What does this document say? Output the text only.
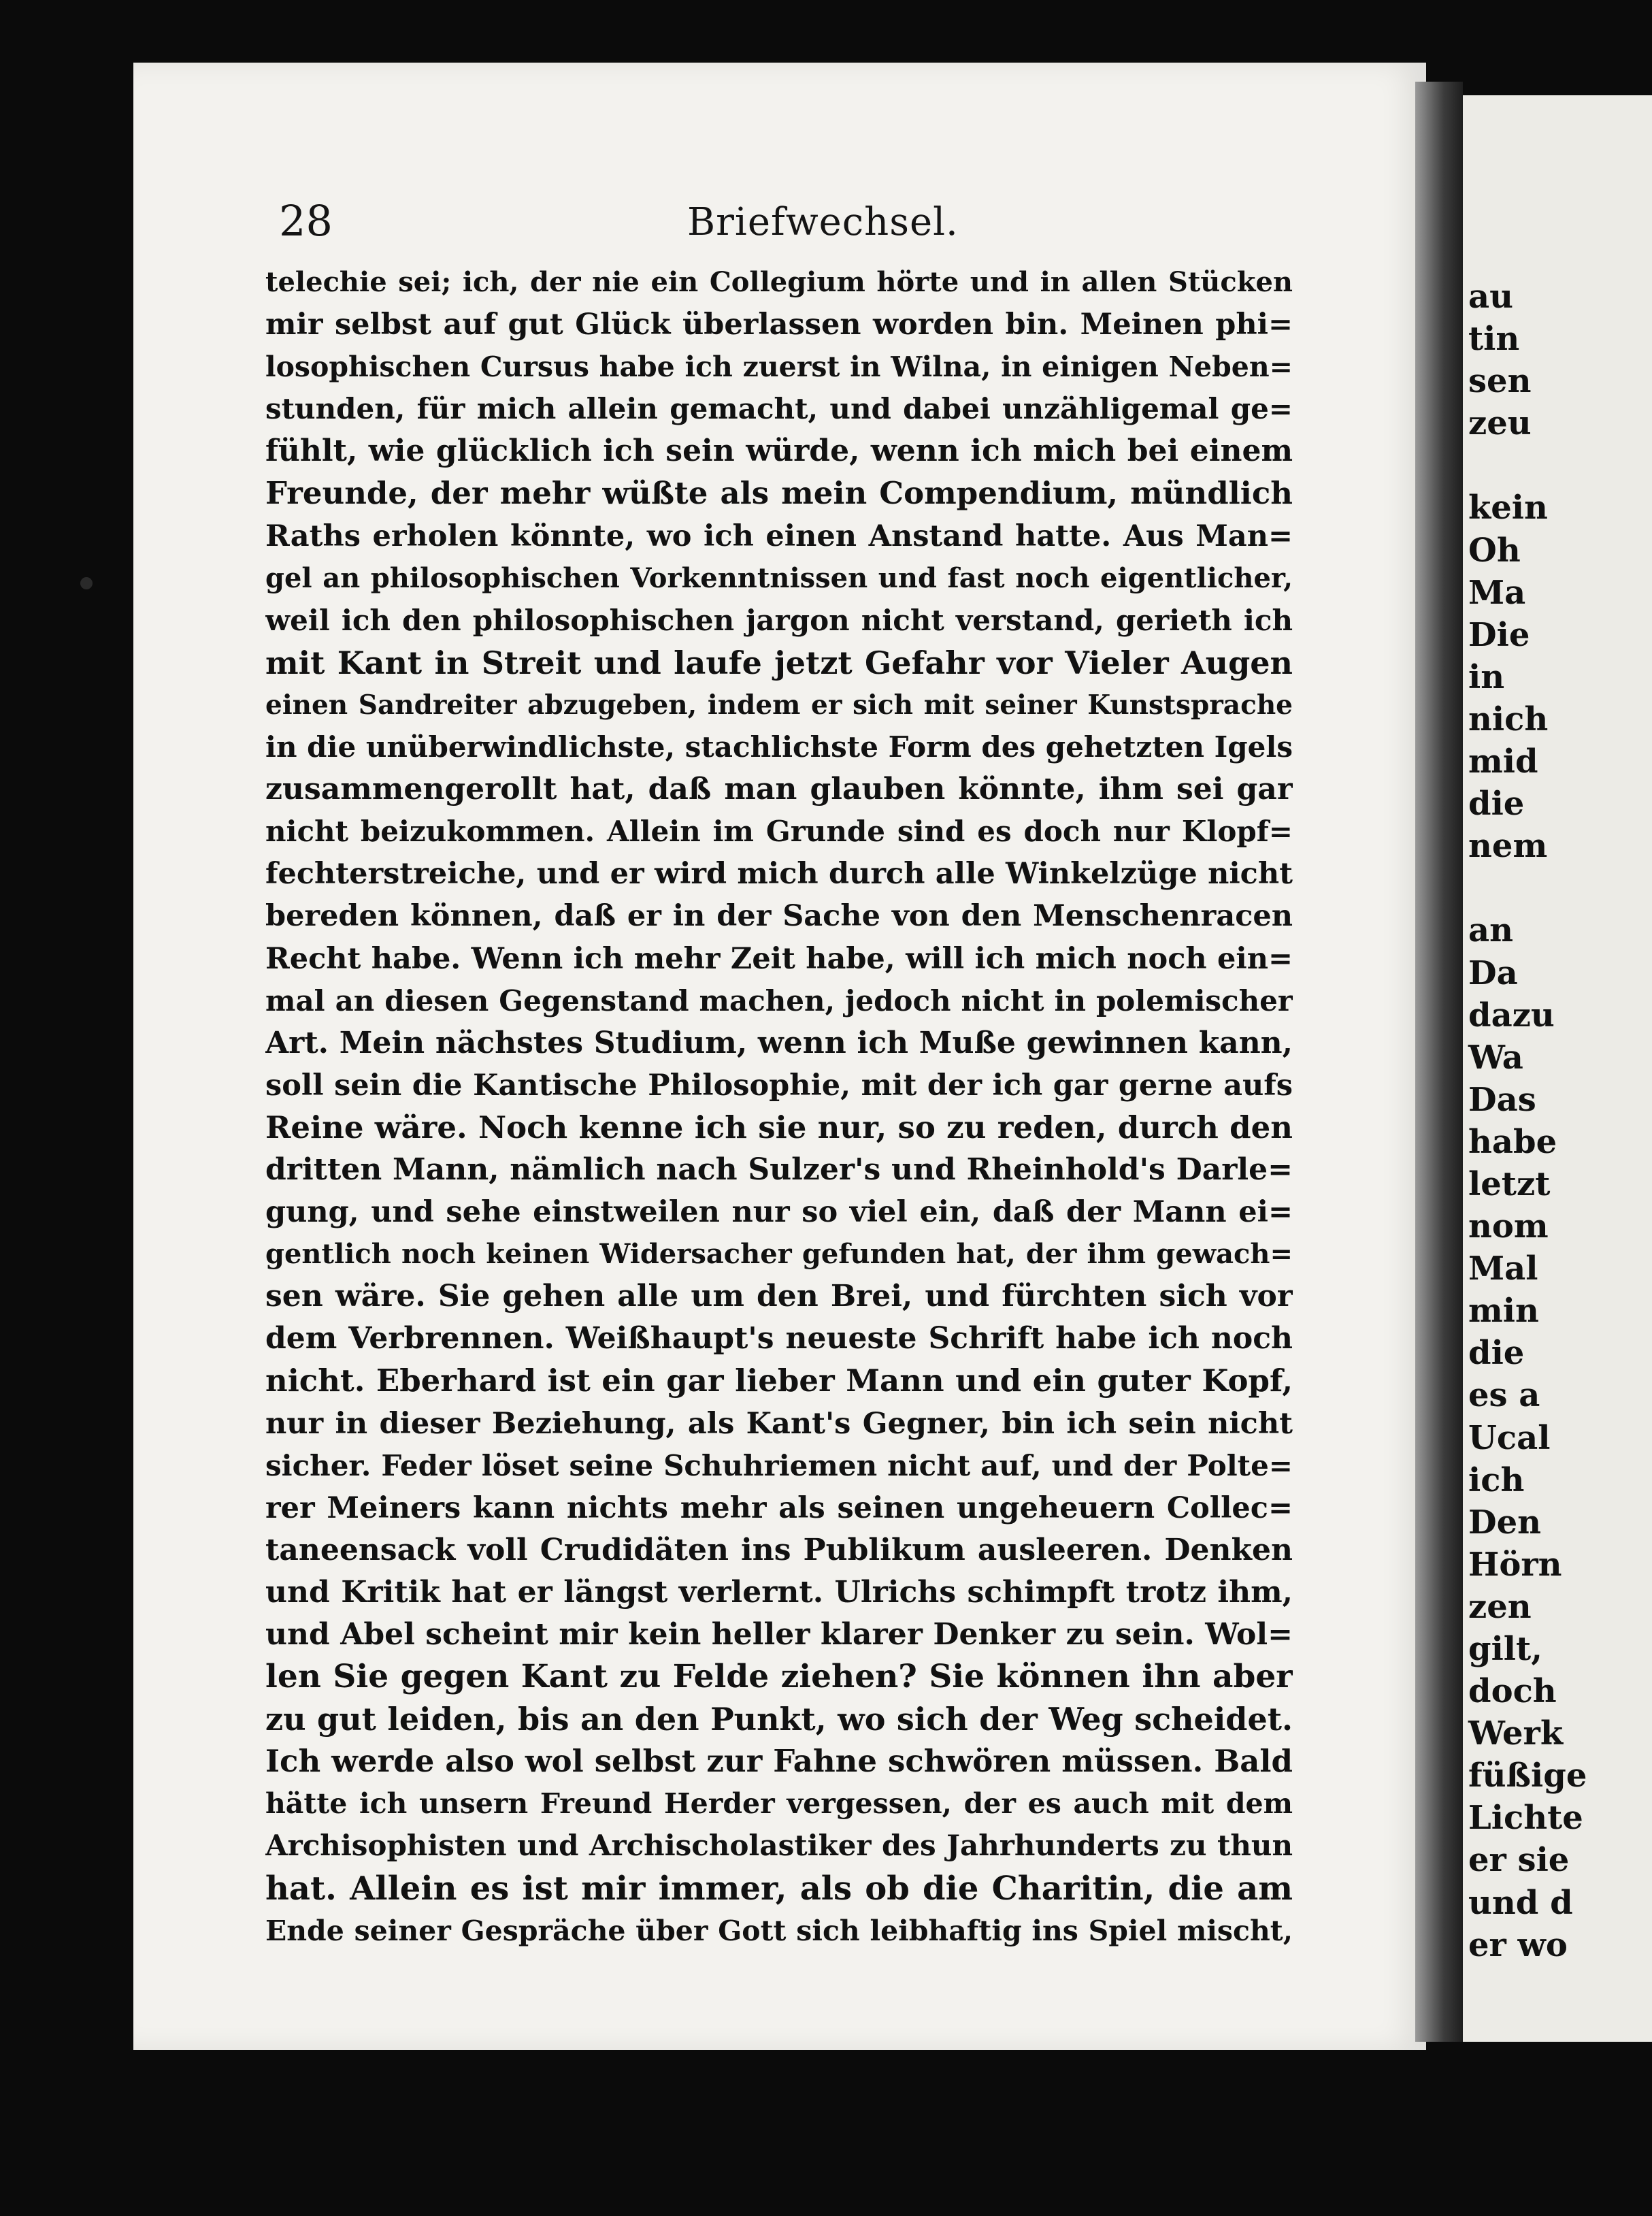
au
tin
sen
zeu
kein
Oh
Ma
Die
in
nich
mid
die
nem
an
Da
dazu
Wa
Das
habe
letzt
nom
Mal
min
die
es a
Ucal
ich
Den
Hörn
zen
gilt,
doch
Werk
füßige
Lichte
er sie
und d
er wo
28	Briefwechsel.
telechie sei; ich, der nie ein Collegium hörte und in allen Stücken
mir selbst auf gut Glück überlassen worden bin. Meinen phi=
losophischen Cursus habe ich zuerst in Wilna, in einigen Neben=
stunden, für mich allein gemacht, und dabei unzähligemal ge=
fühlt, wie glücklich ich sein würde, wenn ich mich bei einem
Freunde, der mehr wüßte als mein Compendium, mündlich
Raths erholen könnte, wo ich einen Anstand hatte. Aus Man=
gel an philosophischen Vorkenntnissen und fast noch eigentlicher,
weil ich den philosophischen jargon nicht verstand, gerieth ich
mit Kant in Streit und laufe jetzt Gefahr vor Vieler Augen
einen Sandreiter abzugeben, indem er sich mit seiner Kunstsprache
in die unüberwindlichste, stachlichste Form des gehetzten Igels
zusammengerollt hat, daß man glauben könnte, ihm sei gar
nicht beizukommen. Allein im Grunde sind es doch nur Klopf=
fechterstreiche, und er wird mich durch alle Winkelzüge nicht
bereden können, daß er in der Sache von den Menschenracen
Recht habe. Wenn ich mehr Zeit habe, will ich mich noch ein=
mal an diesen Gegenstand machen, jedoch nicht in polemischer
Art. Mein nächstes Studium, wenn ich Muße gewinnen kann,
soll sein die Kantische Philosophie, mit der ich gar gerne aufs
Reine wäre. Noch kenne ich sie nur, so zu reden, durch den
dritten Mann, nämlich nach Sulzer's und Rheinhold's Darle=
gung, und sehe einstweilen nur so viel ein, daß der Mann ei=
gentlich noch keinen Widersacher gefunden hat, der ihm gewach=
sen wäre. Sie gehen alle um den Brei, und fürchten sich vor
dem Verbrennen. Weißhaupt's neueste Schrift habe ich noch
nicht. Eberhard ist ein gar lieber Mann und ein guter Kopf,
nur in dieser Beziehung, als Kant's Gegner, bin ich sein nicht
sicher. Feder löset seine Schuhriemen nicht auf, und der Polte=
rer Meiners kann nichts mehr als seinen ungeheuern Collec=
taneensack voll Crudidäten ins Publikum ausleeren. Denken
und Kritik hat er längst verlernt. Ulrichs schimpft trotz ihm,
und Abel scheint mir kein heller klarer Denker zu sein. Wol=
len Sie gegen Kant zu Felde ziehen? Sie können ihn aber
zu gut leiden, bis an den Punkt, wo sich der Weg scheidet.
Ich werde also wol selbst zur Fahne schwören müssen. Bald
hätte ich unsern Freund Herder vergessen, der es auch mit dem
Archisophisten und Archischolastiker des Jahrhunderts zu thun
hat. Allein es ist mir immer, als ob die Charitin, die am
Ende seiner Gespräche über Gott sich leibhaftig ins Spiel mischt,
